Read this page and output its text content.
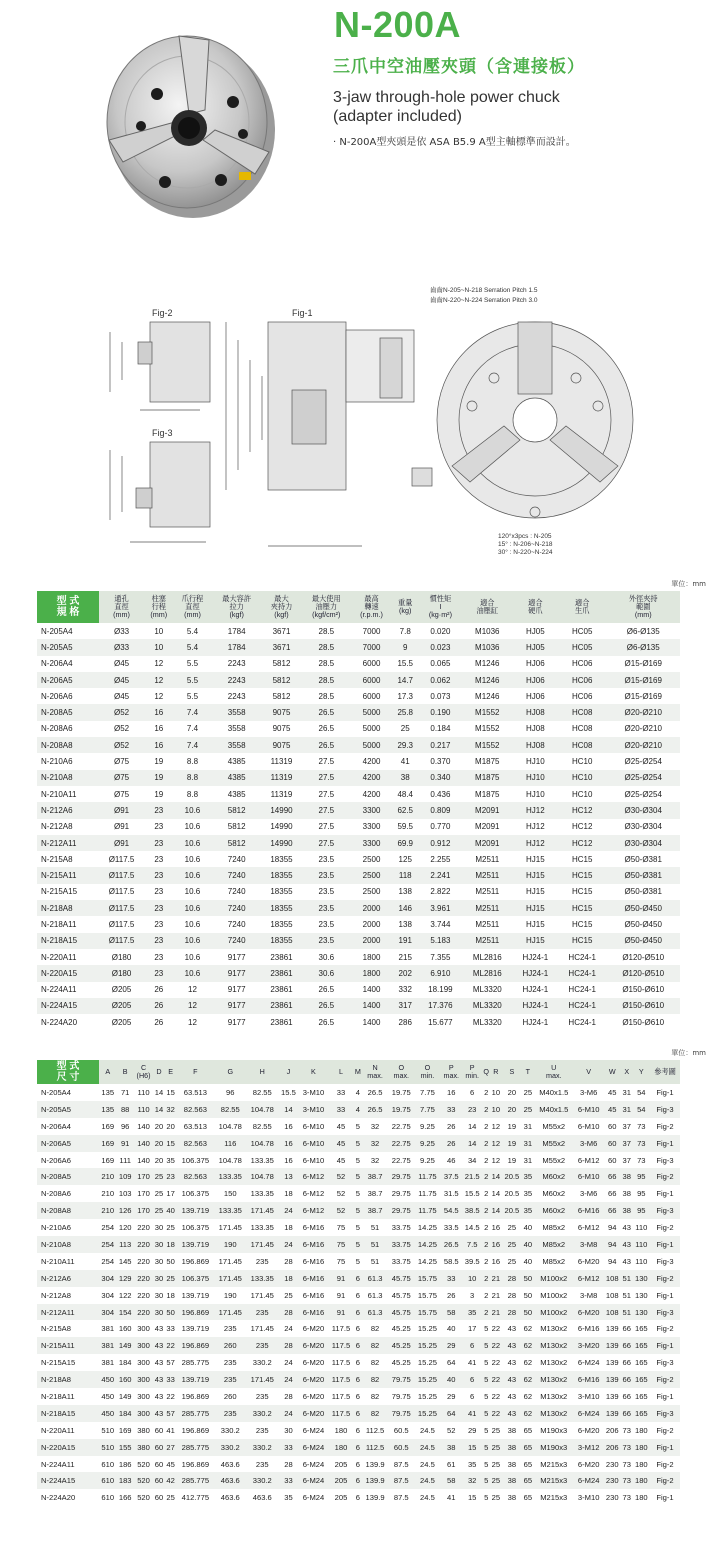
N-200A
三爪中空油壓夾頭（含連接板）
3-jaw through-hole power chuck
(adapter included)
· N-200A型夾頭是依 ASA B5.9 A型主軸標準而設計。
Fig-2
Fig-3
Fig-1
齒齒N-205~N-218 Serration Pitch 1.5
齒齒N-220~N-224 Serration Pitch 3.0
120°x3pcs : N-205
15° : N-206~N-218
30° : N-220~N-224
單位：mm
型 式
規 格	通孔
直徑
(mm)	柱塞
行程
(mm)	爪行程
直徑
(mm)	最大容許
拉力
(kgf)	最大
夾持力
(kgf)	最大使用
油壓力
(kgf/cm²)	最高
轉速
(r.p.m.)	重量
(kg)	慣性矩
I
(kg·m²)	適合
油壓缸	適合
硬爪	適合
生爪	外徑夾持
範圍
(mm)
N-205A4	Ø33	10	5.4	1784	3671	28.5	7000	7.8	0.020	M1036	HJ05	HC05	Ø6-Ø135
N-205A5	Ø33	10	5.4	1784	3671	28.5	7000	9	0.023	M1036	HJ05	HC05	Ø6-Ø135
N-206A4	Ø45	12	5.5	2243	5812	28.5	6000	15.5	0.065	M1246	HJ06	HC06	Ø15-Ø169
N-206A5	Ø45	12	5.5	2243	5812	28.5	6000	14.7	0.062	M1246	HJ06	HC06	Ø15-Ø169
N-206A6	Ø45	12	5.5	2243	5812	28.5	6000	17.3	0.073	M1246	HJ06	HC06	Ø15-Ø169
N-208A5	Ø52	16	7.4	3558	9075	26.5	5000	25.8	0.190	M1552	HJ08	HC08	Ø20-Ø210
N-208A6	Ø52	16	7.4	3558	9075	26.5	5000	25	0.184	M1552	HJ08	HC08	Ø20-Ø210
N-208A8	Ø52	16	7.4	3558	9075	26.5	5000	29.3	0.217	M1552	HJ08	HC08	Ø20-Ø210
N-210A6	Ø75	19	8.8	4385	11319	27.5	4200	41	0.370	M1875	HJ10	HC10	Ø25-Ø254
N-210A8	Ø75	19	8.8	4385	11319	27.5	4200	38	0.340	M1875	HJ10	HC10	Ø25-Ø254
N-210A11	Ø75	19	8.8	4385	11319	27.5	4200	48.4	0.436	M1875	HJ10	HC10	Ø25-Ø254
N-212A6	Ø91	23	10.6	5812	14990	27.5	3300	62.5	0.809	M2091	HJ12	HC12	Ø30-Ø304
N-212A8	Ø91	23	10.6	5812	14990	27.5	3300	59.5	0.770	M2091	HJ12	HC12	Ø30-Ø304
N-212A11	Ø91	23	10.6	5812	14990	27.5	3300	69.9	0.912	M2091	HJ12	HC12	Ø30-Ø304
N-215A8	Ø117.5	23	10.6	7240	18355	23.5	2500	125	2.255	M2511	HJ15	HC15	Ø50-Ø381
N-215A11	Ø117.5	23	10.6	7240	18355	23.5	2500	118	2.241	M2511	HJ15	HC15	Ø50-Ø381
N-215A15	Ø117.5	23	10.6	7240	18355	23.5	2500	138	2.822	M2511	HJ15	HC15	Ø50-Ø381
N-218A8	Ø117.5	23	10.6	7240	18355	23.5	2000	146	3.961	M2511	HJ15	HC15	Ø50-Ø450
N-218A11	Ø117.5	23	10.6	7240	18355	23.5	2000	138	3.744	M2511	HJ15	HC15	Ø50-Ø450
N-218A15	Ø117.5	23	10.6	7240	18355	23.5	2000	191	5.183	M2511	HJ15	HC15	Ø50-Ø450
N-220A11	Ø180	23	10.6	9177	23861	30.6	1800	215	7.355	ML2816	HJ24-1	HC24-1	Ø120-Ø510
N-220A15	Ø180	23	10.6	9177	23861	30.6	1800	202	6.910	ML2816	HJ24-1	HC24-1	Ø120-Ø510
N-224A11	Ø205	26	12	9177	23861	26.5	1400	332	18.199	ML3320	HJ24-1	HC24-1	Ø150-Ø610
N-224A15	Ø205	26	12	9177	23861	26.5	1400	317	17.376	ML3320	HJ24-1	HC24-1	Ø150-Ø610
N-224A20	Ø205	26	12	9177	23861	26.5	1400	286	15.677	ML3320	HJ24-1	HC24-1	Ø150-Ø610
單位：mm
型 式
尺 寸	A	B	C
(H6)	D	E	F	G	H	J	K	L	M	N
max.	O
max.	O
min.	P
max.	P
min.	Q	R	S	T	U
max.	V	W	X	Y	參考圖
N-205A4	135	71	110	14	15	63.513	96	82.55	15.5	3-M10	33	4	26.5	19.75	7.75	16	6	2	10	20	25	M40x1.5	3-M6	45	31	54	Fig-1
N-205A5	135	88	110	14	32	82.563	82.55	104.78	14	3-M10	33	4	26.5	19.75	7.75	33	23	2	10	20	25	M40x1.5	6-M10	45	31	54	Fig-3
N-206A4	169	96	140	20	20	63.513	104.78	82.55	16	6-M10	45	5	32	22.75	9.25	26	14	2	12	19	31	M55x2	6-M10	60	37	73	Fig-2
N-206A5	169	91	140	20	15	82.563	116	104.78	16	6-M10	45	5	32	22.75	9.25	26	14	2	12	19	31	M55x2	3-M6	60	37	73	Fig-1
N-206A6	169	111	140	20	35	106.375	104.78	133.35	16	6-M10	45	5	32	22.75	9.25	46	34	2	12	19	31	M55x2	6-M12	60	37	73	Fig-3
N-208A5	210	109	170	25	23	82.563	133.35	104.78	13	6-M12	52	5	38.7	29.75	11.75	37.5	21.5	2	14	20.5	35	M60x2	6-M10	66	38	95	Fig-2
N-208A6	210	103	170	25	17	106.375	150	133.35	18	6-M12	52	5	38.7	29.75	11.75	31.5	15.5	2	14	20.5	35	M60x2	3-M6	66	38	95	Fig-1
N-208A8	210	126	170	25	40	139.719	133.35	171.45	24	6-M12	52	5	38.7	29.75	11.75	54.5	38.5	2	14	20.5	35	M60x2	6-M16	66	38	95	Fig-3
N-210A6	254	120	220	30	25	106.375	171.45	133.35	18	6-M16	75	5	51	33.75	14.25	33.5	14.5	2	16	25	40	M85x2	6-M12	94	43	110	Fig-2
N-210A8	254	113	220	30	18	139.719	190	171.45	24	6-M16	75	5	51	33.75	14.25	26.5	7.5	2	16	25	40	M85x2	3-M8	94	43	110	Fig-1
N-210A11	254	145	220	30	50	196.869	171.45	235	28	6-M16	75	5	51	33.75	14.25	58.5	39.5	2	16	25	40	M85x2	6-M20	94	43	110	Fig-3
N-212A6	304	129	220	30	25	106.375	171.45	133.35	18	6-M16	91	6	61.3	45.75	15.75	33	10	2	21	28	50	M100x2	6-M12	108	51	130	Fig-2
N-212A8	304	122	220	30	18	139.719	190	171.45	25	6-M16	91	6	61.3	45.75	15.75	26	3	2	21	28	50	M100x2	3-M8	108	51	130	Fig-1
N-212A11	304	154	220	30	50	196.869	171.45	235	28	6-M16	91	6	61.3	45.75	15.75	58	35	2	21	28	50	M100x2	6-M20	108	51	130	Fig-3
N-215A8	381	160	300	43	33	139.719	235	171.45	24	6-M20	117.5	6	82	45.25	15.25	40	17	5	22	43	62	M130x2	6-M16	139	66	165	Fig-2
N-215A11	381	149	300	43	22	196.869	260	235	28	6-M20	117.5	6	82	45.25	15.25	29	6	5	22	43	62	M130x2	3-M20	139	66	165	Fig-1
N-215A15	381	184	300	43	57	285.775	235	330.2	24	6-M20	117.5	6	82	45.25	15.25	64	41	5	22	43	62	M130x2	6-M24	139	66	165	Fig-3
N-218A8	450	160	300	43	33	139.719	235	171.45	24	6-M20	117.5	6	82	79.75	15.25	40	6	5	22	43	62	M130x2	6-M16	139	66	165	Fig-2
N-218A11	450	149	300	43	22	196.869	260	235	28	6-M20	117.5	6	82	79.75	15.25	29	6	5	22	43	62	M130x2	3-M10	139	66	165	Fig-1
N-218A15	450	184	300	43	57	285.775	235	330.2	24	6-M20	117.5	6	82	79.75	15.25	64	41	5	22	43	62	M130x2	6-M24	139	66	165	Fig-3
N-220A11	510	169	380	60	41	196.869	330.2	235	30	6-M24	180	6	112.5	60.5	24.5	52	29	5	25	38	65	M190x3	6-M20	206	73	180	Fig-2
N-220A15	510	155	380	60	27	285.775	330.2	330.2	33	6-M24	180	6	112.5	60.5	24.5	38	15	5	25	38	65	M190x3	3-M12	206	73	180	Fig-1
N-224A11	610	186	520	60	45	196.869	463.6	235	28	6-M24	205	6	139.9	87.5	24.5	61	35	5	25	38	65	M215x3	6-M20	230	73	180	Fig-2
N-224A15	610	183	520	60	42	285.775	463.6	330.2	33	6-M24	205	6	139.9	87.5	24.5	58	32	5	25	38	65	M215x3	6-M24	230	73	180	Fig-2
N-224A20	610	166	520	60	25	412.775	463.6	463.6	35	6-M24	205	6	139.9	87.5	24.5	41	15	5	25	38	65	M215x3	3-M10	230	73	180	Fig-1
